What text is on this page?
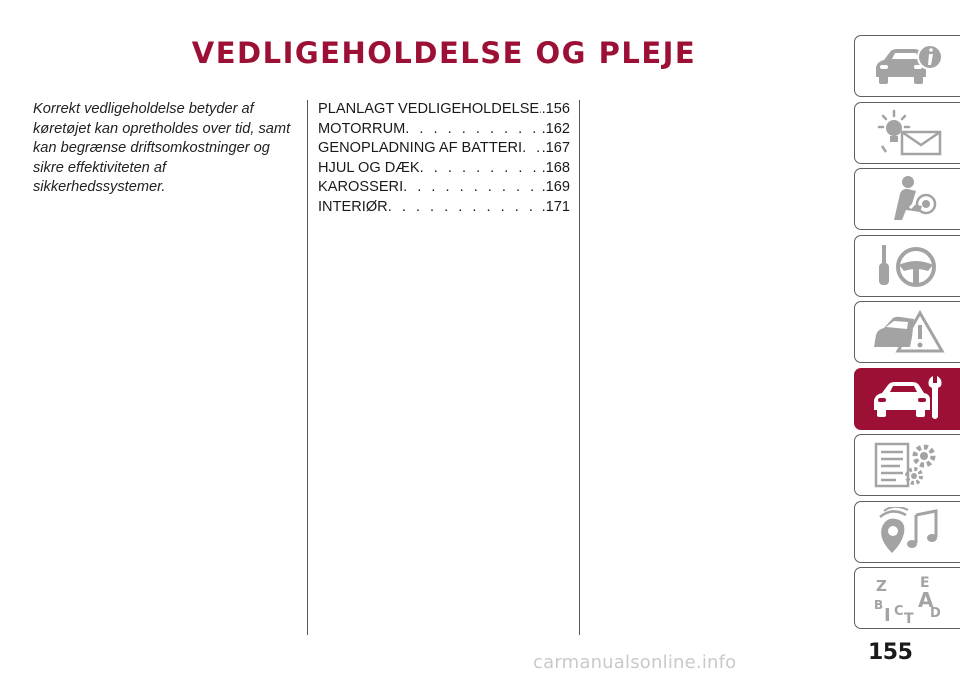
VEDLIGEHOLDELSE OG PLEJE
Korrekt vedligeholdelse betyder af køretøjet kan opretholdes over tid, samt kan begrænse driftsomkostninger og sikre effektiviteten af sikkerhedssystemer.
PLANLAGT VEDLIGEHOLDELSE . . . .156
MOTORRUM . . .	.162
GENOPLADNING AF BATTERI . . . .167
HJUL OG DÆK . . .	.168
KAROSSERI . . .	.169
INTERIØR . . .	.171
Z E
B A
C D
I T
155
carmanualsonline.info
